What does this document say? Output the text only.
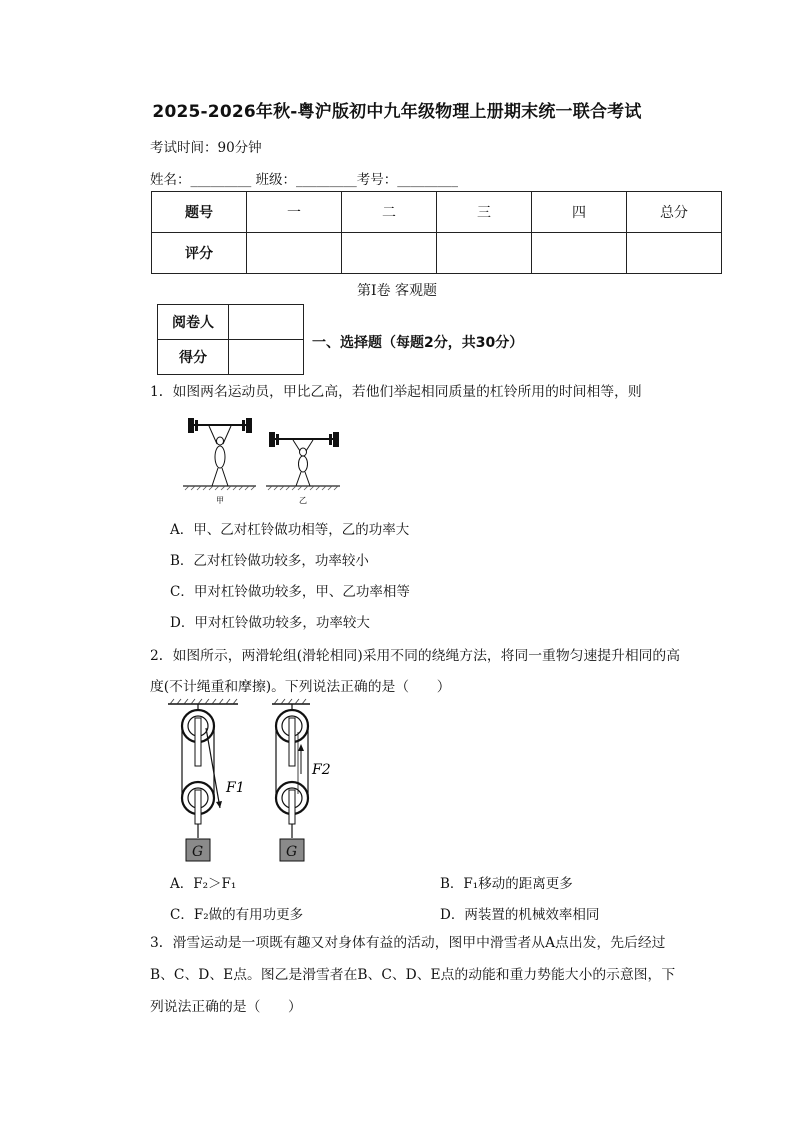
2025-2026年秋-粤沪版初中九年级物理上册期末统一联合考试
考试时间：90分钟
姓名：_________ 班级：_________考号：_________
题号	一	二	三	四	总分
评分					
第Ⅰ卷 客观题
阅卷人	
得分	
一、选择题（每题2分，共30分）
1．如图两名运动员，甲比乙高，若他们举起相同质量的杠铃所用的时间相等，则
甲	乙
A．甲、乙对杠铃做功相等，乙的功率大
B．乙对杠铃做功较多，功率较小
C．甲对杠铃做功较多，甲、乙功率相等
D．甲对杠铃做功较多，功率较大
2．如图所示，两滑轮组(滑轮相同)采用不同的绕绳方法，将同一重物匀速提升相同的高
度(不计绳重和摩擦)。下列说法正确的是（　　）
F1
G
F2
G
A．F₂＞F₁	B．F₁移动的距离更多
C．F₂做的有用功更多	D．两装置的机械效率相同
3．滑雪运动是一项既有趣又对身体有益的活动，图甲中滑雪者从A点出发，先后经过
B、C、D、E点。图乙是滑雪者在B、C、D、E点的动能和重力势能大小的示意图，下
列说法正确的是（　　）
